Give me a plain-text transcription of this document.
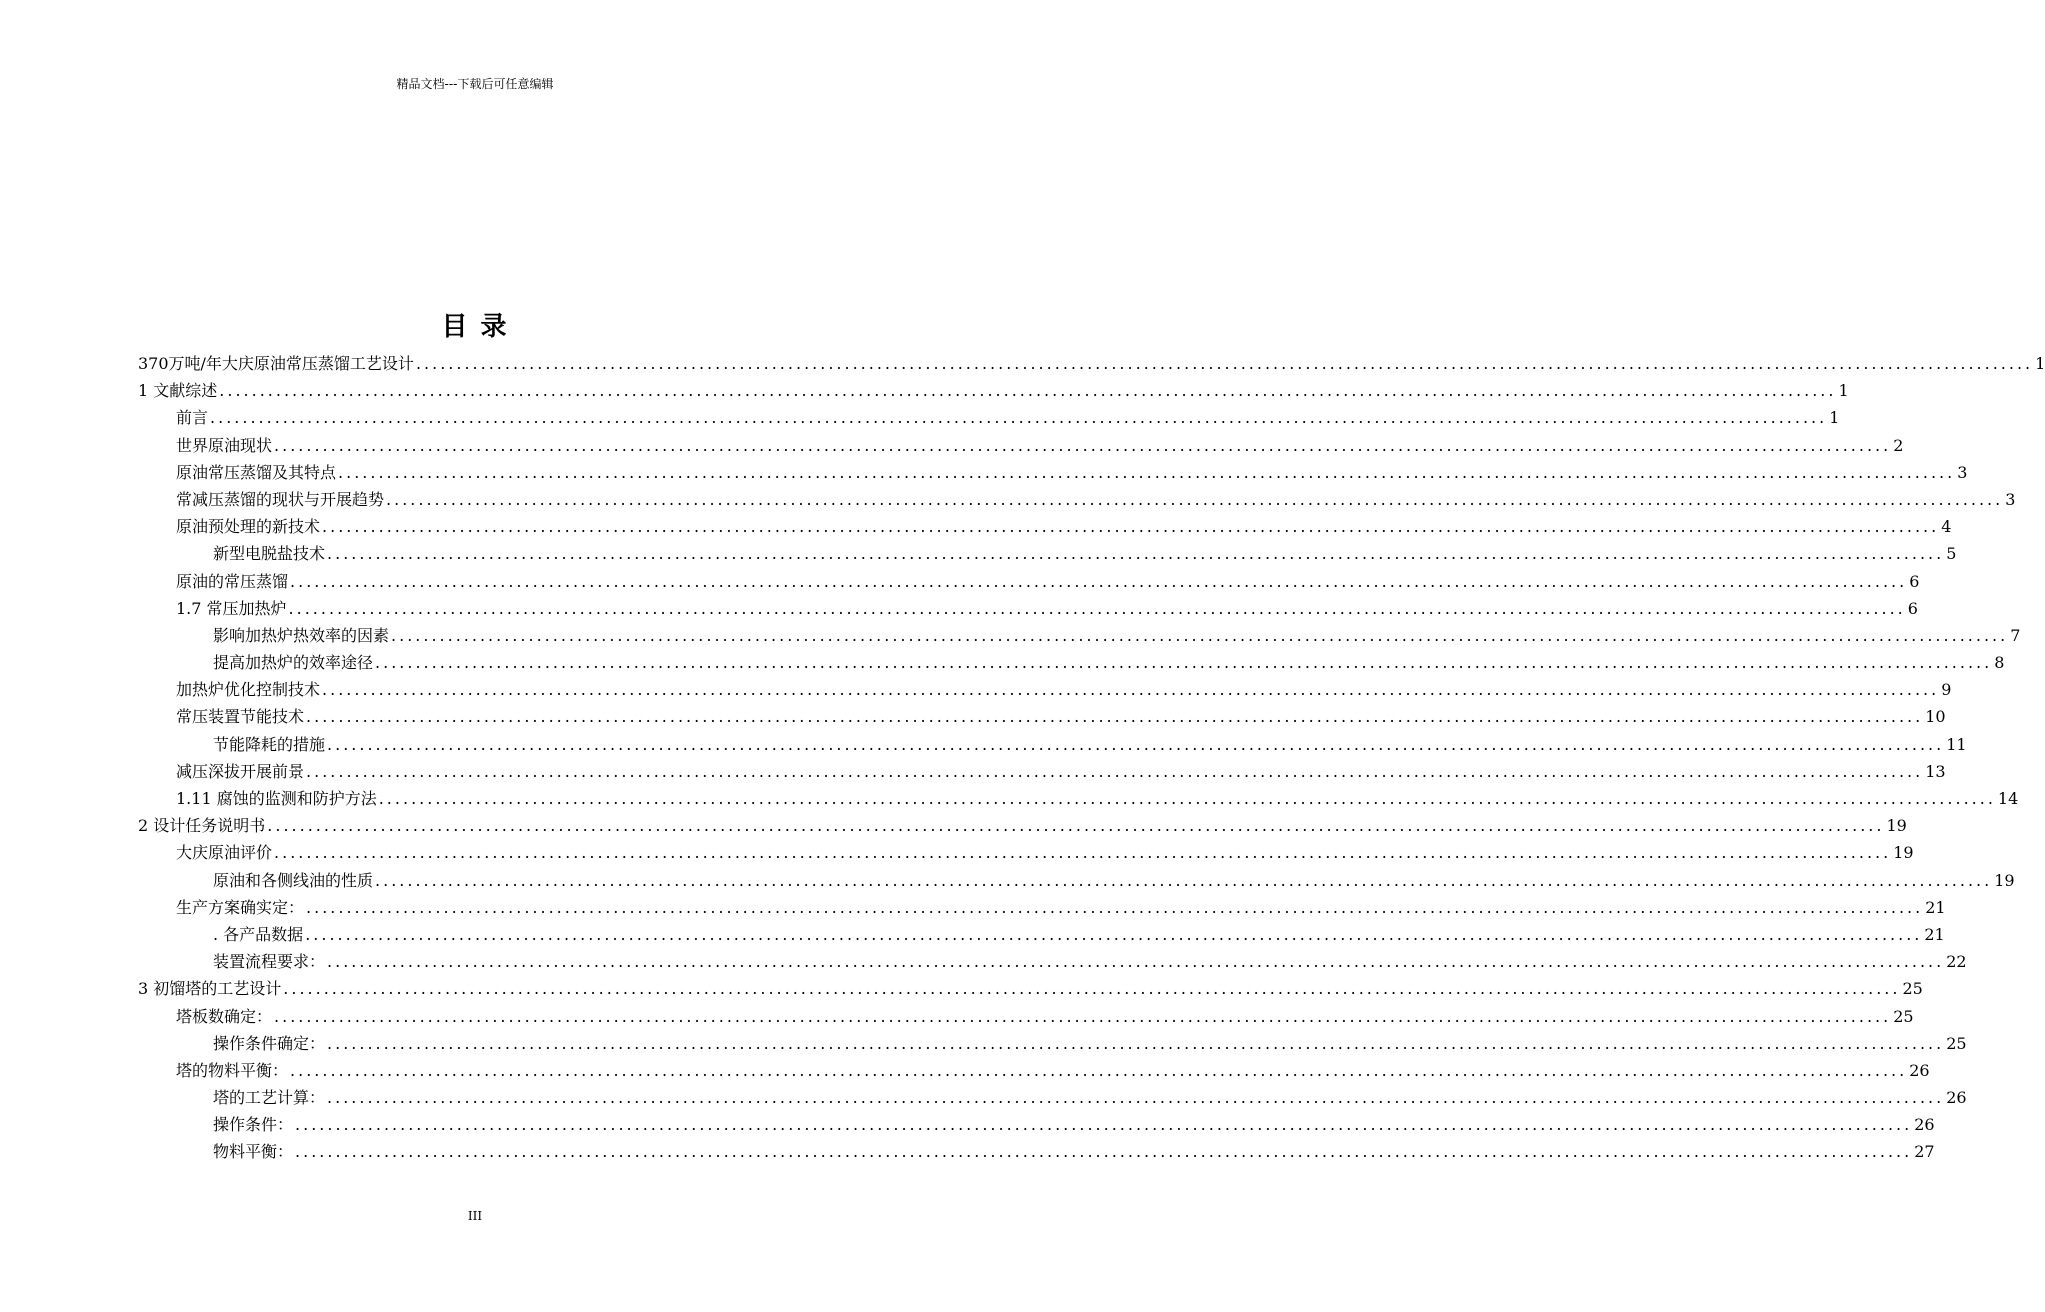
精品文档---下载后可任意编辑
目 录
370万吨/年大庆原油常压蒸馏工艺设计 ........................................................................................................................................................................................................ 1
1 文献综述 ........................................................................................................................................................................................................ 1
前言 ........................................................................................................................................................................................................ 1
世界原油现状 ........................................................................................................................................................................................................ 2
原油常压蒸馏及其特点 ........................................................................................................................................................................................................ 3
常减压蒸馏的现状与开展趋势 ........................................................................................................................................................................................................ 3
原油预处理的新技术 ........................................................................................................................................................................................................ 4
新型电脱盐技术 ........................................................................................................................................................................................................ 5
原油的常压蒸馏 ........................................................................................................................................................................................................ 6
1.7 常压加热炉 ........................................................................................................................................................................................................ 6
影响加热炉热效率的因素 ........................................................................................................................................................................................................ 7
提高加热炉的效率途径 ........................................................................................................................................................................................................ 8
加热炉优化控制技术 ........................................................................................................................................................................................................ 9
常压装置节能技术 ........................................................................................................................................................................................................ 10
节能降耗的措施 ........................................................................................................................................................................................................ 11
减压深拔开展前景 ........................................................................................................................................................................................................ 13
1.11 腐蚀的监测和防护方法 ........................................................................................................................................................................................................ 14
2 设计任务说明书 ........................................................................................................................................................................................................ 19
大庆原油评价 ........................................................................................................................................................................................................ 19
原油和各侧线油的性质 ........................................................................................................................................................................................................ 19
生产方案确实定： ........................................................................................................................................................................................................ 21
. 各产品数据 ........................................................................................................................................................................................................ 21
装置流程要求： ........................................................................................................................................................................................................ 22
3 初馏塔的工艺设计 ........................................................................................................................................................................................................ 25
塔板数确定： ........................................................................................................................................................................................................ 25
操作条件确定： ........................................................................................................................................................................................................ 25
塔的物料平衡： ........................................................................................................................................................................................................ 26
塔的工艺计算： ........................................................................................................................................................................................................ 26
操作条件： ........................................................................................................................................................................................................ 26
物料平衡： ........................................................................................................................................................................................................ 27
III
